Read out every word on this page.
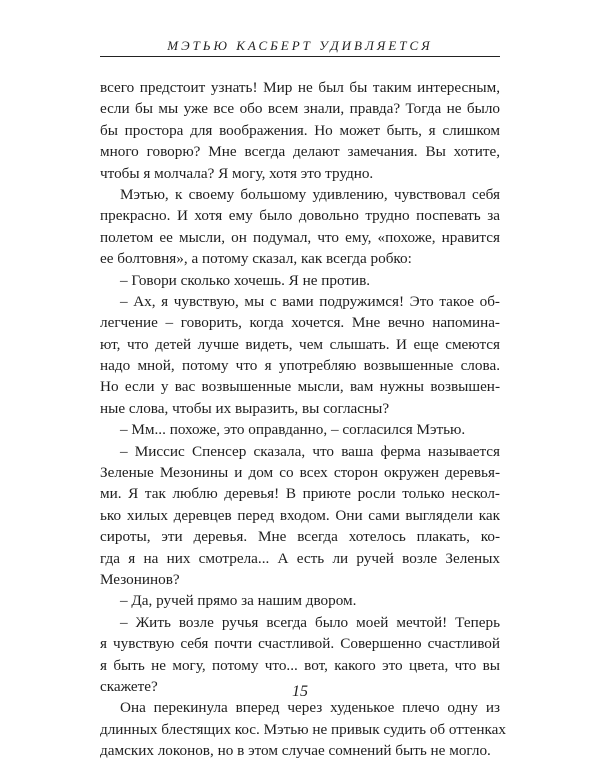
МЭТЬЮ КАСБЕРТ УДИВЛЯЕТСЯ
всего предстоит узнать! Мир не был бы таким интересным,
если бы мы уже все обо всем знали, правда? Тогда не было
бы простора для воображения. Но может быть, я слишком
много говорю? Мне всегда делают замечания. Вы хотите,
чтобы я молчала? Я могу, хотя это трудно.
Мэтью, к своему большому удивлению, чувствовал себя
прекрасно. И хотя ему было довольно трудно поспевать за
полетом ее мысли, он подумал, что ему, «похоже, нравится
ее болтовня», а потому сказал, как всегда робко:
– Говори сколько хочешь. Я не против.
– Ах, я чувствую, мы с вами подружимся! Это такое об-
легчение – говорить, когда хочется. Мне вечно напомина-
ют, что детей лучше видеть, чем слышать. И еще смеются
надо мной, потому что я употребляю возвышенные слова.
Но если у вас возвышенные мысли, вам нужны возвышен-
ные слова, чтобы их выразить, вы согласны?
– Мм... похоже, это оправданно, – согласился Мэтью.
– Миссис Спенсер сказала, что ваша ферма называется
Зеленые Мезонины и дом со всех сторон окружен деревья-
ми. Я так люблю деревья! В приюте росли только нескол-
ько хилых деревцев перед входом. Они сами выглядели как
сироты, эти деревья. Мне всегда хотелось плакать, ко-
гда я на них смотрела... А есть ли ручей возле Зеленых
Мезонинов?
– Да, ручей прямо за нашим двором.
– Жить возле ручья всегда было моей мечтой! Теперь
я чувствую себя почти счастливой. Совершенно счастливой
я быть не могу, потому что... вот, какого это цвета, что вы
скажете?
Она перекинула вперед через худенькое плечо одну из
длинных блестящих кос. Мэтью не привык судить об оттенках
дамских локонов, но в этом случае сомнений быть не могло.
15
